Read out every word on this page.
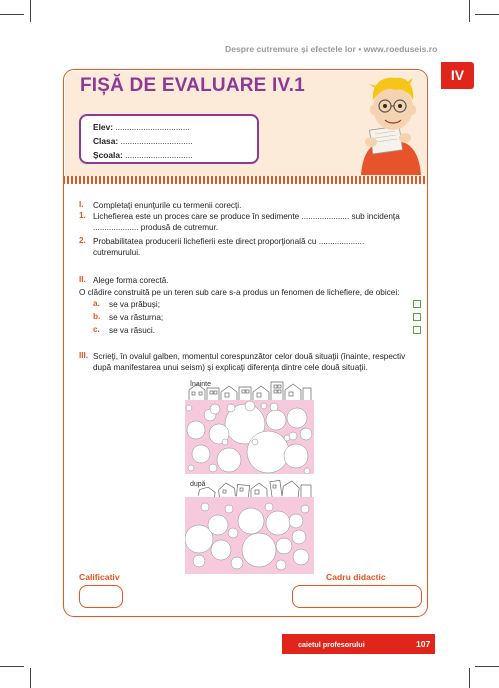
Despre cutremure și efectele lor • www.roeduseis.ro
IV
FIȘĂ DE EVALUARE IV.1
Elev: ................................
Clasa: ...............................
Școala: .............................
I. Completaţi enunţurile cu termenii corecţi.
1. Lichefierea este un proces care se produce în sedimente ..................... sub incidenţa
.................... produsă de cutremur.
2. Probabilitatea producerii lichefierii este direct proporţională cu ....................
cutremurului.
II. Alege forma corectă.
O clădire construită pe un teren sub care s-a produs un fenomen de lichefiere, de obicei:
a. se va prăbuși;
b. se va răsturna;
c. se va răsuci.
III. Scrieţi, în ovalul galben, momentul corespunzător celor două situaţii (înainte, respectiv
după manifestarea unui seism) și explicaţi diferenţa dintre cele două situaţii.
înainte
după
Calificativ	Cadru didactic
caietul profesorului	107
